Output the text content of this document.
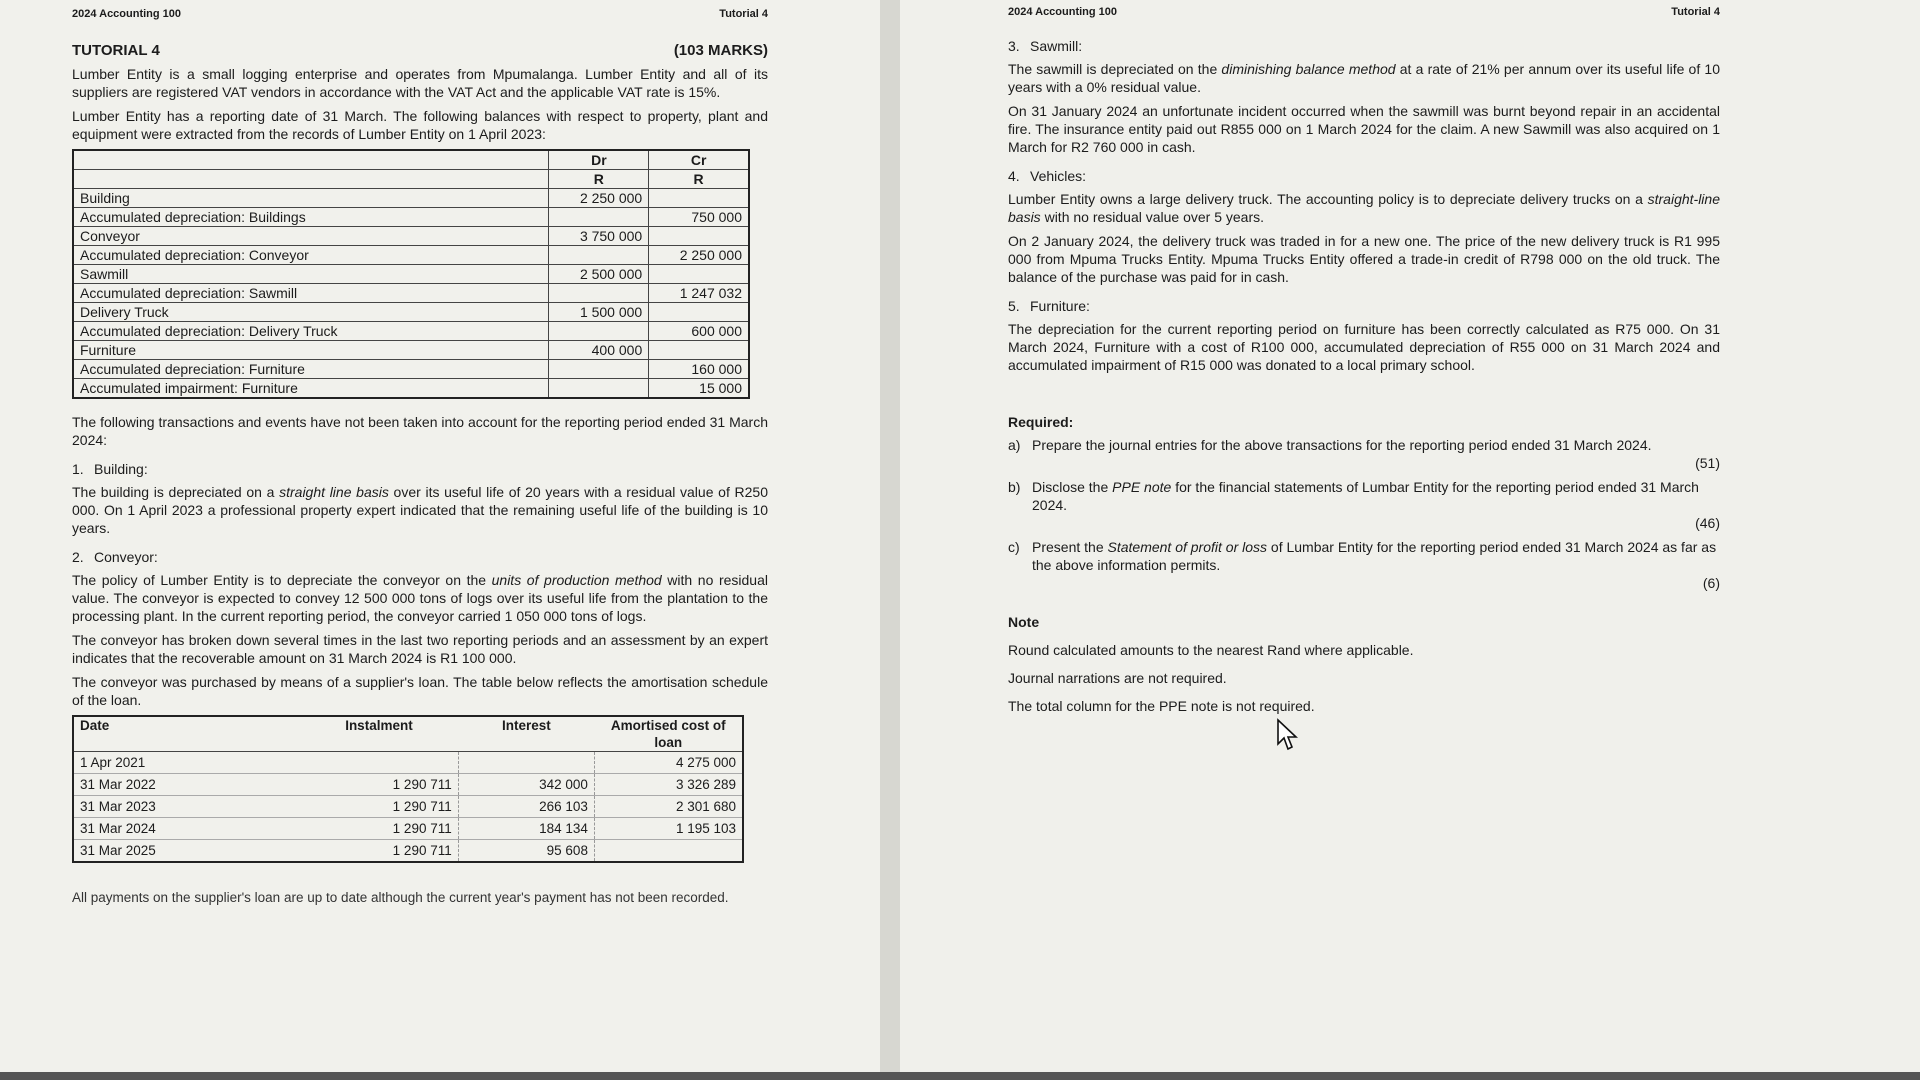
2024 Accounting 100	Tutorial 4
TUTORIAL 4	(103 MARKS)

Lumber Entity is a small logging enterprise and operates from Mpumalanga. Lumber Entity and all of its suppliers are registered VAT vendors in accordance with the VAT Act and the applicable VAT rate is 15%.

Lumber Entity has a reporting date of 31 March. The following balances with respect to property, plant and equipment were extracted from the records of Lumber Entity on 1 April 2023:

	Dr	Cr
	R	R
Building	2 250 000	
Accumulated depreciation: Buildings		750 000
Conveyor	3 750 000	
Accumulated depreciation: Conveyor		2 250 000
Sawmill	2 500 000	
Accumulated depreciation: Sawmill		1 247 032
Delivery Truck	1 500 000	
Accumulated depreciation: Delivery Truck		600 000
Furniture	400 000	
Accumulated depreciation: Furniture		160 000
Accumulated impairment: Furniture		15 000

The following transactions and events have not been taken into account for the reporting period ended 31 March 2024:

1. Building:

The building is depreciated on a straight line basis over its useful life of 20 years with a residual value of R250 000. On 1 April 2023 a professional property expert indicated that the remaining useful life of the building is 10 years.

2. Conveyor:

The policy of Lumber Entity is to depreciate the conveyor on the units of production method with no residual value. The conveyor is expected to convey 12 500 000 tons of logs over its useful life from the plantation to the processing plant. In the current reporting period, the conveyor carried 1 050 000 tons of logs.

The conveyor has broken down several times in the last two reporting periods and an assessment by an expert indicates that the recoverable amount on 31 March 2024 is R1 100 000.

The conveyor was purchased by means of a supplier's loan. The table below reflects the amortisation schedule of the loan.

Date	Instalment	Interest	Amortised cost of loan
1 Apr 2021			4 275 000
31 Mar 2022	1 290 711	342 000	3 326 289
31 Mar 2023	1 290 711	266 103	2 301 680
31 Mar 2024	1 290 711	184 134	1 195 103
31 Mar 2025	1 290 711	95 608	

All payments on the supplier's loan are up to date although the current year's payment has not been recorded.

2024 Accounting 100	Tutorial 4
3. Sawmill:

The sawmill is depreciated on the diminishing balance method at a rate of 21% per annum over its useful life of 10 years with a 0% residual value.

On 31 January 2024 an unfortunate incident occurred when the sawmill was burnt beyond repair in an accidental fire. The insurance entity paid out R855 000 on 1 March 2024 for the claim. A new Sawmill was also acquired on 1 March for R2 760 000 in cash.

4. Vehicles:

Lumber Entity owns a large delivery truck. The accounting policy is to depreciate delivery trucks on a straight-line basis with no residual value over 5 years.

On 2 January 2024, the delivery truck was traded in for a new one. The price of the new delivery truck is R1 995 000 from Mpuma Trucks Entity. Mpuma Trucks Entity offered a trade-in credit of R798 000 on the old truck. The balance of the purchase was paid for in cash.

5. Furniture:

The depreciation for the current reporting period on furniture has been correctly calculated as R75 000. On 31 March 2024, Furniture with a cost of R100 000, accumulated depreciation of R55 000 on 31 March 2024 and accumulated impairment of R15 000 was donated to a local primary school.

Required:
a) Prepare the journal entries for the above transactions for the reporting period ended 31 March 2024.
(51)
b) Disclose the PPE note for the financial statements of Lumbar Entity for the reporting period ended 31 March 2024.
(46)
c) Present the Statement of profit or loss of Lumbar Entity for the reporting period ended 31 March 2024 as far as the above information permits.
(6)
Note
Round calculated amounts to the nearest Rand where applicable.
Journal narrations are not required.
The total column for the PPE note is not required.
